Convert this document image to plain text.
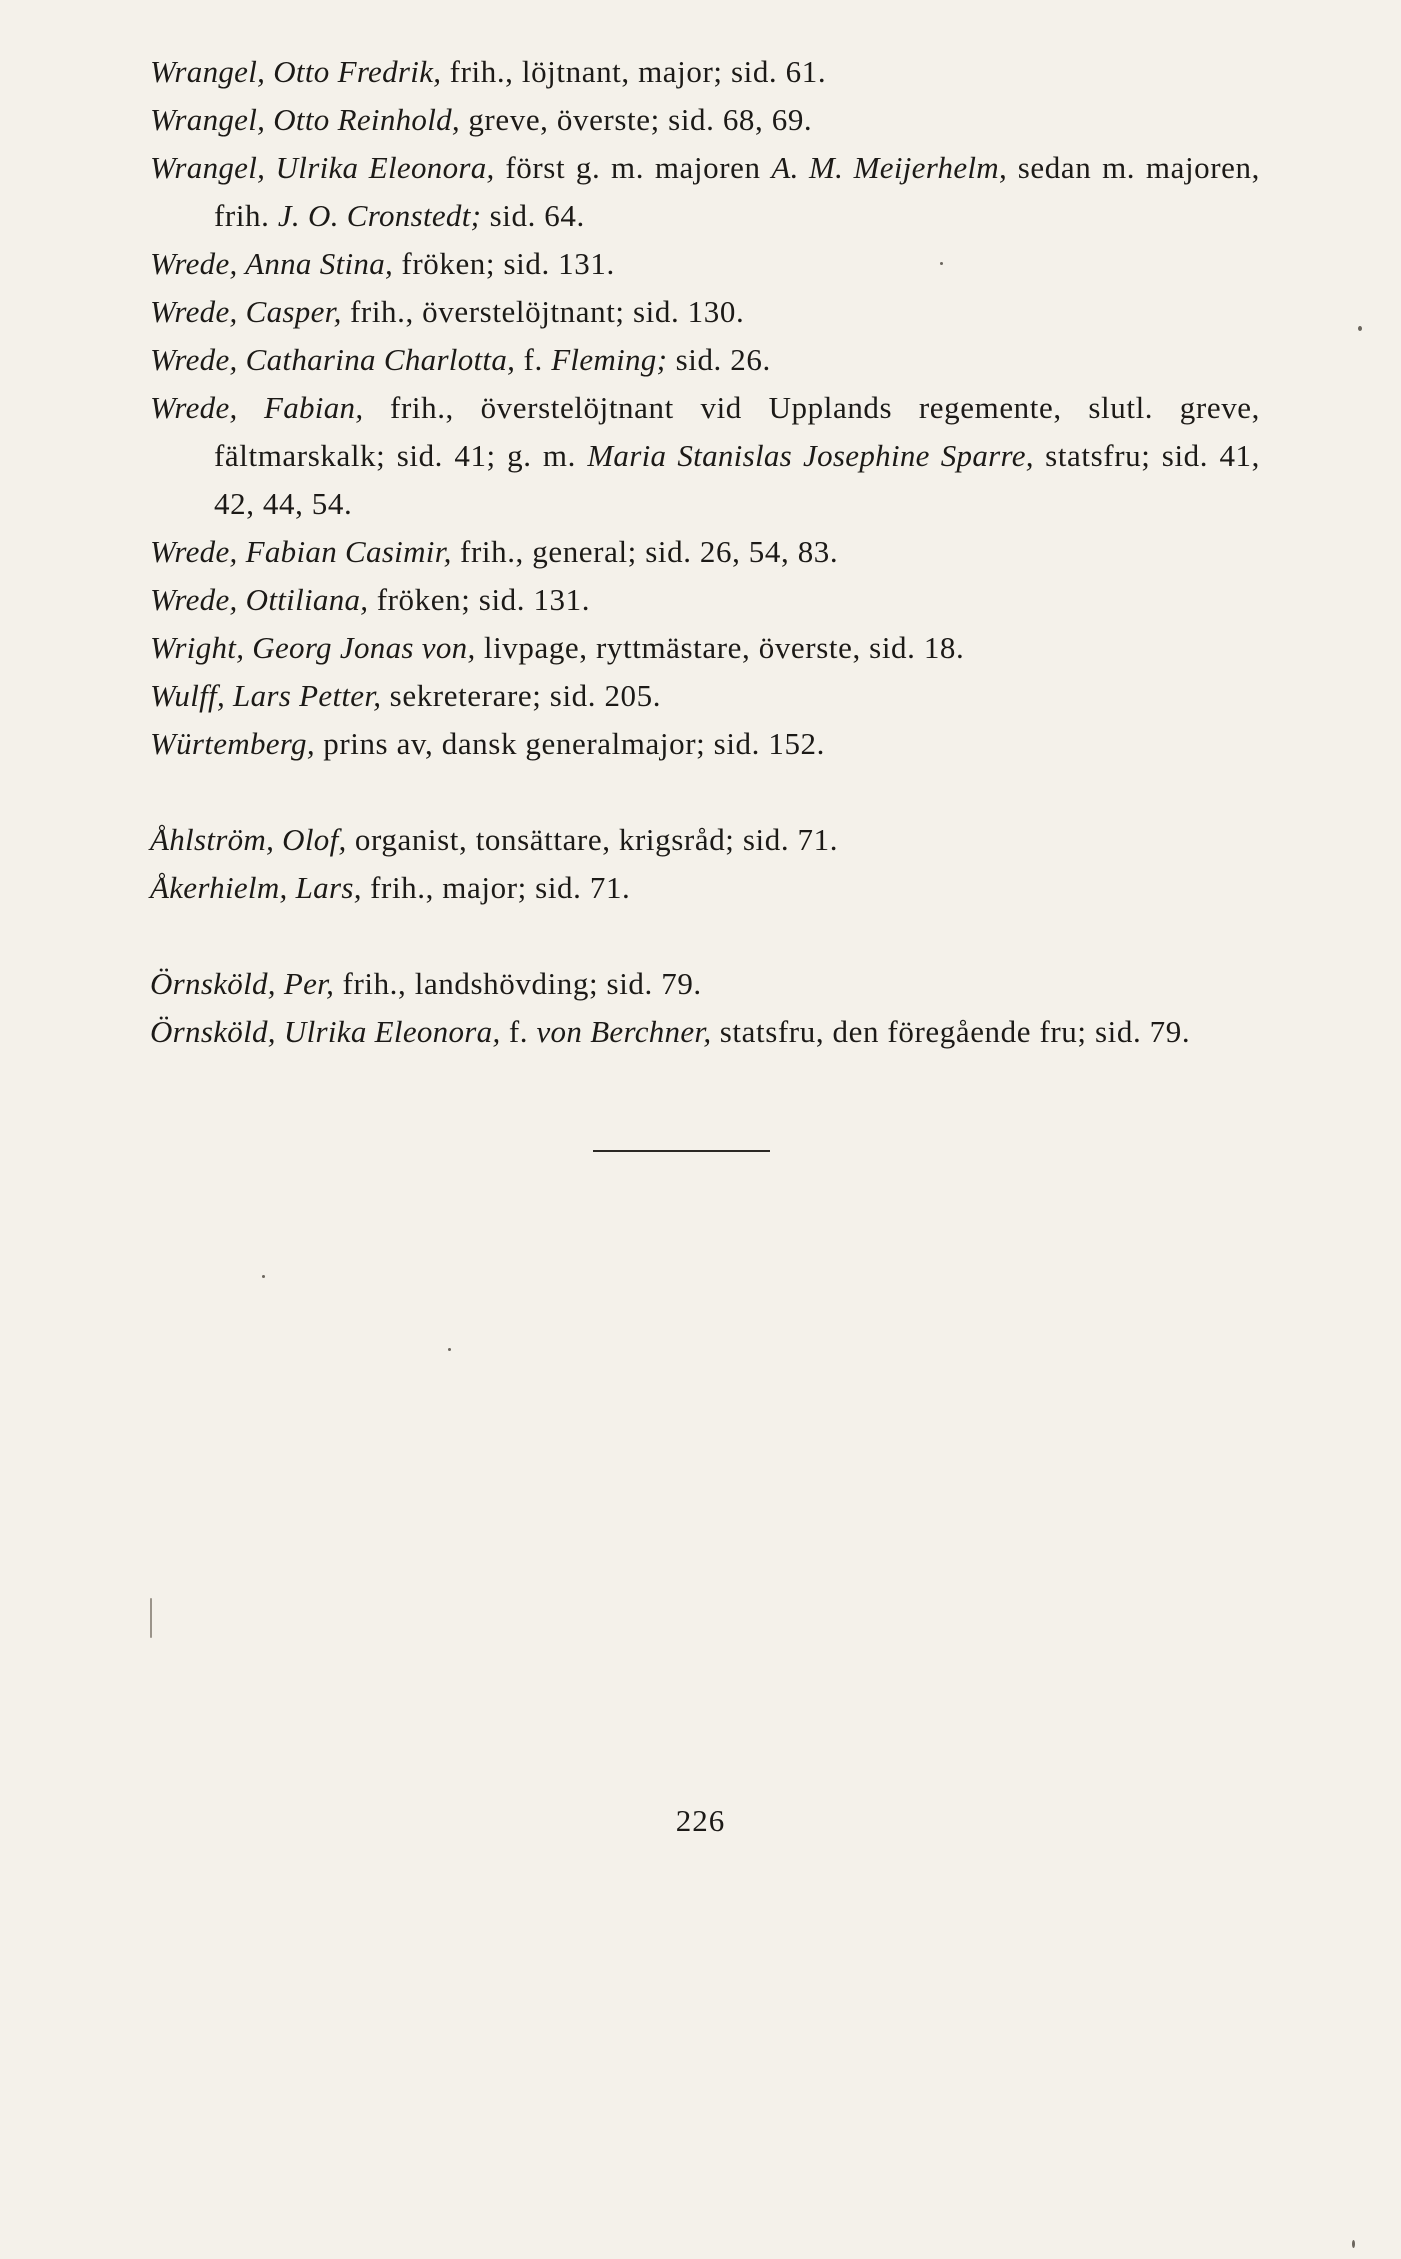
Wrangel, Otto Fredrik, frih., löjtnant, major; sid. 61.
Wrangel, Otto Reinhold, greve, överste; sid. 68, 69.
Wrangel, Ulrika Eleonora, först g. m. majoren A. M. Meijerhelm, sedan m. majoren, frih. J. O. Cronstedt; sid. 64.
Wrede, Anna Stina, fröken; sid. 131.
Wrede, Casper, frih., överstelöjtnant; sid. 130.
Wrede, Catharina Charlotta, f. Fleming; sid. 26.
Wrede, Fabian, frih., överstelöjtnant vid Upplands regemente, slutl. greve, fältmarskalk; sid. 41; g. m. Maria Stanislas Josephine Sparre, statsfru; sid. 41, 42, 44, 54.
Wrede, Fabian Casimir, frih., general; sid. 26, 54, 83.
Wrede, Ottiliana, fröken; sid. 131.
Wright, Georg Jonas von, livpage, ryttmästare, överste, sid. 18.
Wulff, Lars Petter, sekreterare; sid. 205.
Würtemberg, prins av, dansk generalmajor; sid. 152.
Åhlström, Olof, organist, tonsättare, krigsråd; sid. 71.
Åkerhielm, Lars, frih., major; sid. 71.
Örnsköld, Per, frih., landshövding; sid. 79.
Örnsköld, Ulrika Eleonora, f. von Berchner, statsfru, den föregående fru; sid. 79.
226
